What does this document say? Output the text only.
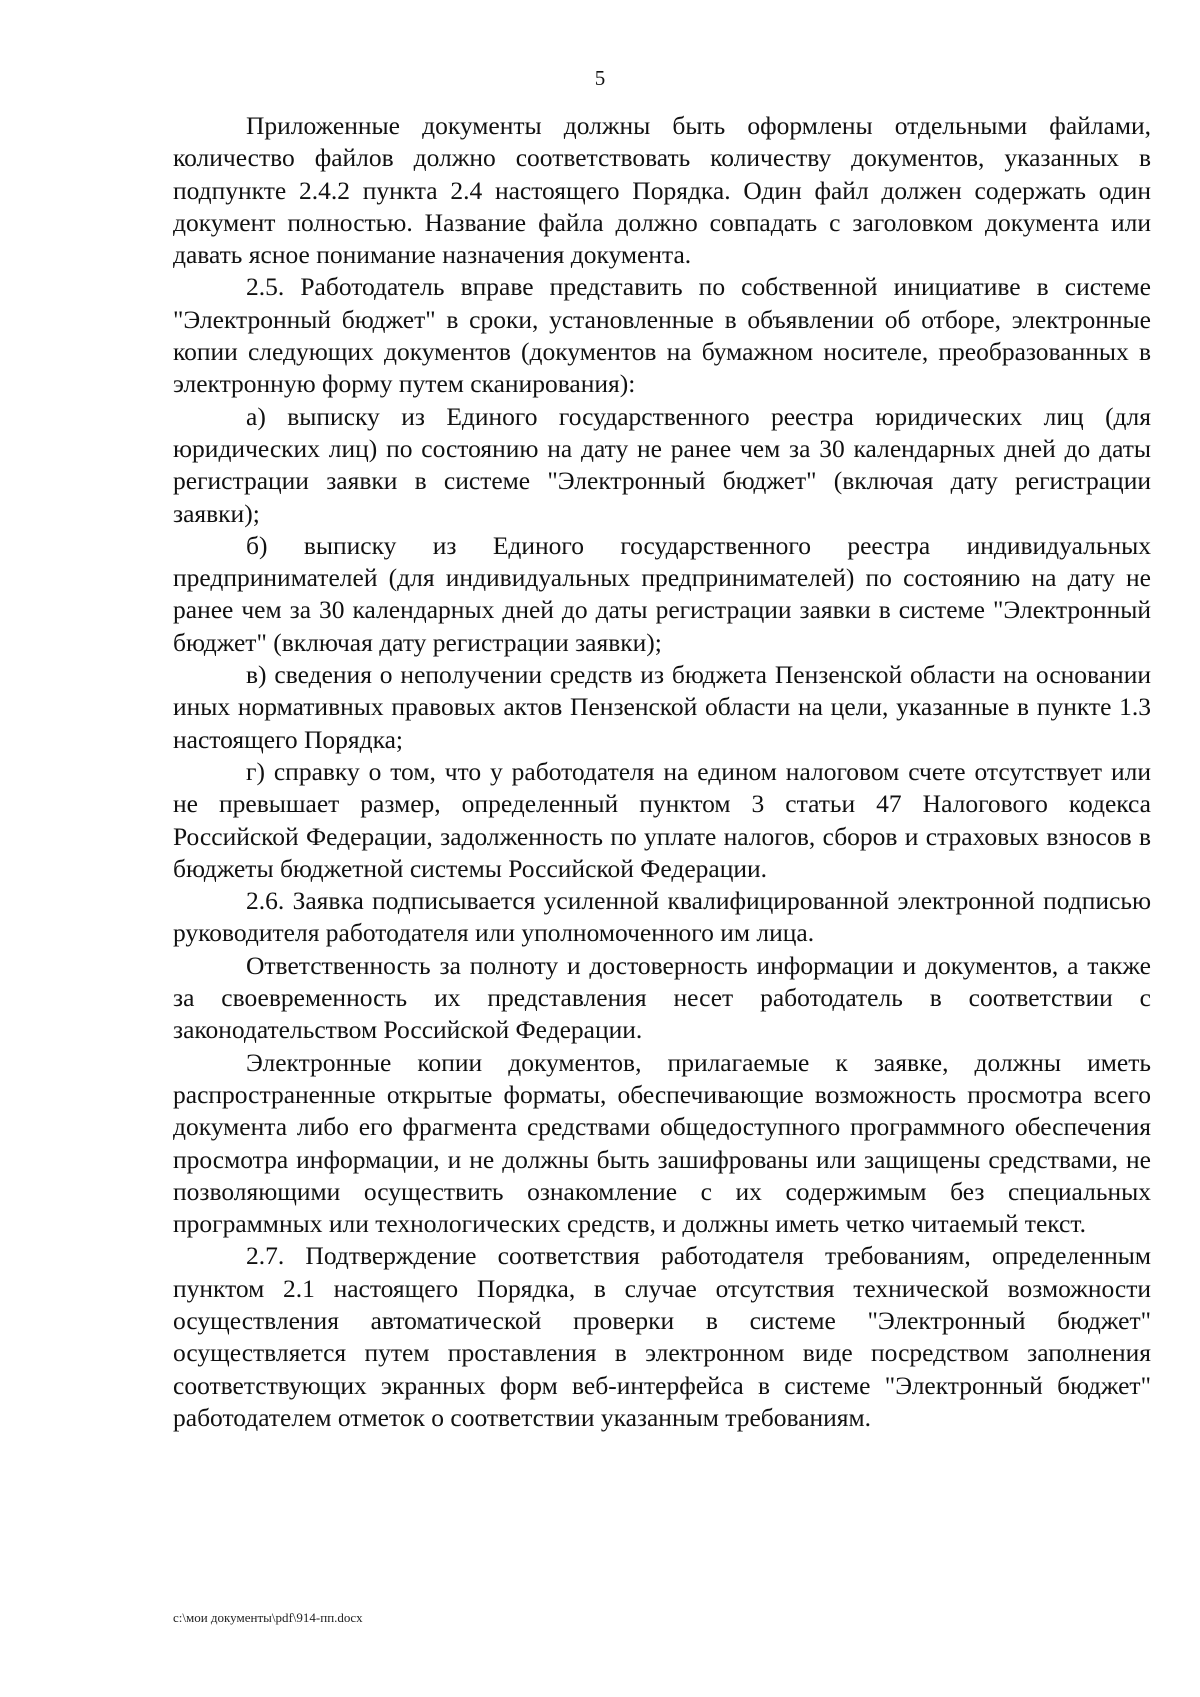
5

Приложенные документы должны быть оформлены отдельными файлами, количество файлов должно соответствовать количеству документов, указанных в подпункте 2.4.2 пункта 2.4 настоящего Порядка. Один файл должен содержать один документ полностью. Название файла должно совпадать с заголовком документа или давать ясное понимание назначения документа.

2.5. Работодатель вправе представить по собственной инициативе в системе "Электронный бюджет" в сроки, установленные в объявлении об отборе, электронные копии следующих документов (документов на бумажном носителе, преобразованных в электронную форму путем сканирования):

а) выписку из Единого государственного реестра юридических лиц (для юридических лиц) по состоянию на дату не ранее чем за 30 календарных дней до даты регистрации заявки в системе "Электронный бюджет" (включая дату регистрации заявки);

б) выписку из Единого государственного реестра индивидуальных предпринимателей (для индивидуальных предпринимателей) по состоянию на дату не ранее чем за 30 календарных дней до даты регистрации заявки в системе "Электронный бюджет" (включая дату регистрации заявки);

в) сведения о неполучении средств из бюджета Пензенской области на основании иных нормативных правовых актов Пензенской области на цели, указанные в пункте 1.3 настоящего Порядка;

г) справку о том, что у работодателя на едином налоговом счете отсутствует или не превышает размер, определенный пунктом 3 статьи 47 Налогового кодекса Российской Федерации, задолженность по уплате налогов, сборов и страховых взносов в бюджеты бюджетной системы Российской Федерации.

2.6. Заявка подписывается усиленной квалифицированной электронной подписью руководителя работодателя или уполномоченного им лица.

Ответственность за полноту и достоверность информации и документов, а также за своевременность их представления несет работодатель в соответствии с законодательством Российской Федерации.

Электронные копии документов, прилагаемые к заявке, должны иметь распространенные открытые форматы, обеспечивающие возможность просмотра всего документа либо его фрагмента средствами общедоступного программного обеспечения просмотра информации, и не должны быть зашифрованы или защищены средствами, не позволяющими осуществить ознакомление с их содержимым без специальных программных или технологических средств, и должны иметь четко читаемый текст.

2.7. Подтверждение соответствия работодателя требованиям, определенным пунктом 2.1 настоящего Порядка, в случае отсутствия технической возможности осуществления автоматической проверки в системе "Электронный бюджет" осуществляется путем проставления в электронном виде посредством заполнения соответствующих экранных форм веб-интерфейса в системе "Электронный бюджет" работодателем отметок о соответствии указанным требованиям.

c:\мои документы\pdf\914-пп.docx
